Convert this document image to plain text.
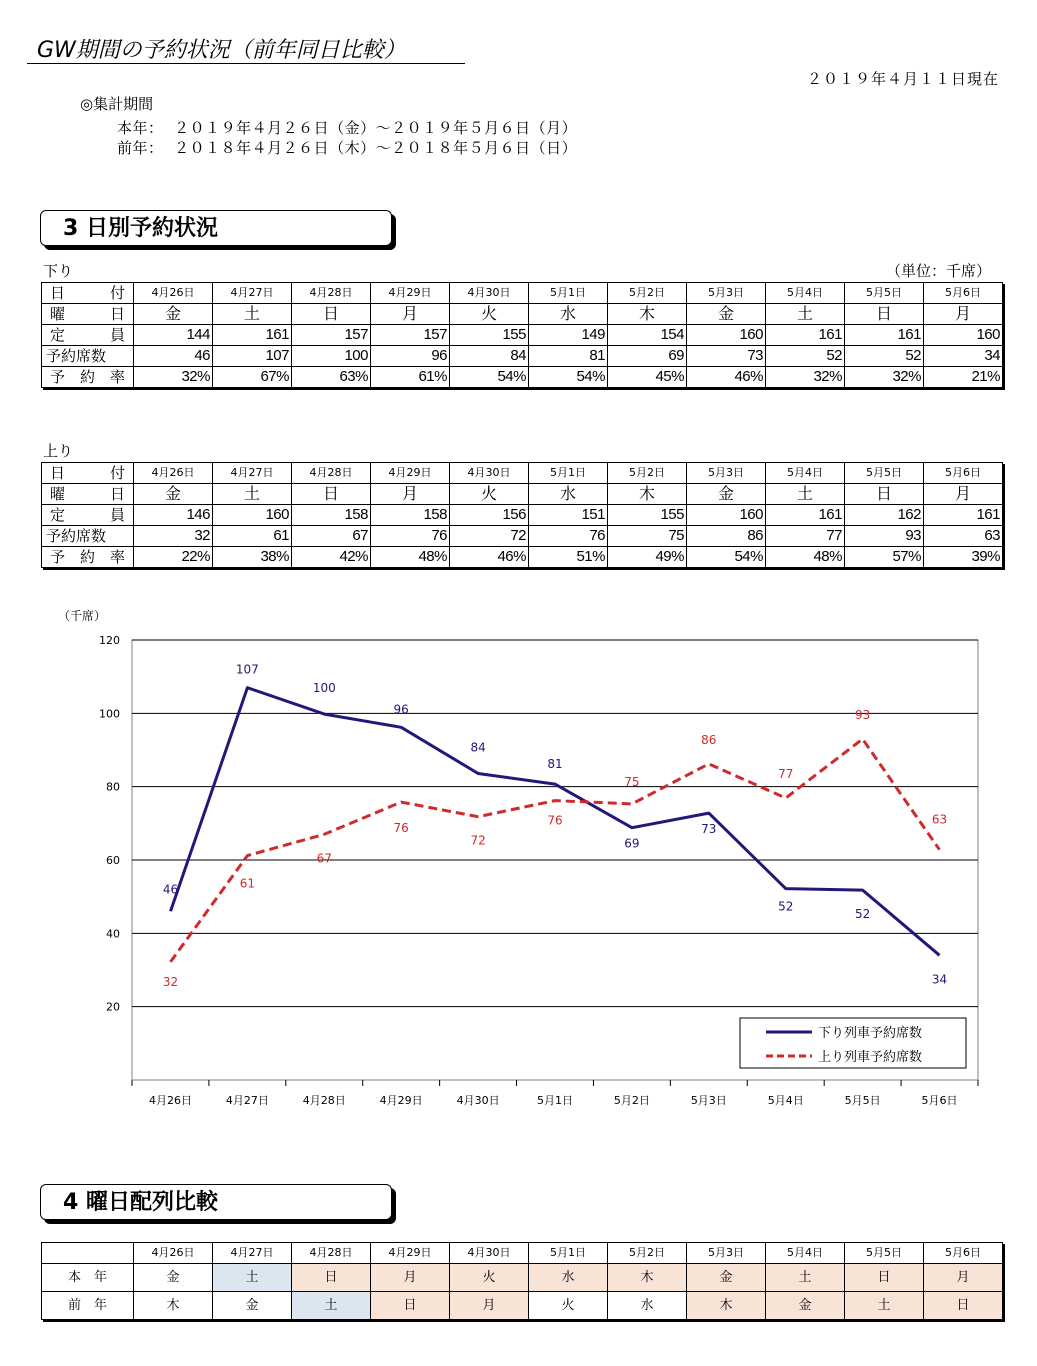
GW期間の予約状況（前年同日比較）
２０１９年４月１１日現在
◎集計期間
本年： ２０１９年４月２６日（金）～２０１９年５月６日（月）
前年： ２０１８年４月２６日（木）～２０１８年５月６日（日）
3 日別予約状況
下り	（単位：千席）
日 付	4月26日	4月27日	4月28日	4月29日	4月30日	5月1日	5月2日	5月3日	5月4日	5月5日	5月6日

曜 日	金	土	日	月	火	水	木	金	土	日	月

定 員	144	161	157	157	155	149	154	160	161	161	160
予約席数	46	107	100	96	84	81	69	73	52	52	34

予 約 率	32%	67%	63%	61%	54%	54%	45%	46%	32%	32%	21%
上り
日 付	4月26日	4月27日	4月28日	4月29日	4月30日	5月1日	5月2日	5月3日	5月4日	5月5日	5月6日

曜 日	金	土	日	月	火	水	木	金	土	日	月

定 員	146	160	158	158	156	151	155	160	161	162	161
予約席数	32	61	67	76	72	76	75	86	77	93	63

予 約 率	22%	38%	42%	48%	46%	51%	49%	54%	48%	57%	39%
（千席）
20
40
60
80
100
120
4月26日	4月27日	4月28日	4月29日	4月30日	5月1日	5月2日	5月3日	5月4日	5月5日	5月6日
46
107
100
96
84
81
69
73
52
52
34
32
61
67
76
72
76
75
86
77
93
63
下り列車予約席数
上り列車予約席数
4 曜日配列比較
	4月26日	4月27日	4月28日	4月29日	4月30日	5月1日	5月2日	5月3日	5月4日	5月5日	5月6日
本　年	金	土	日	月	火	水	木	金	土	日	月
前　年	木	金	土	日	月	火	水	木	金	土	日
